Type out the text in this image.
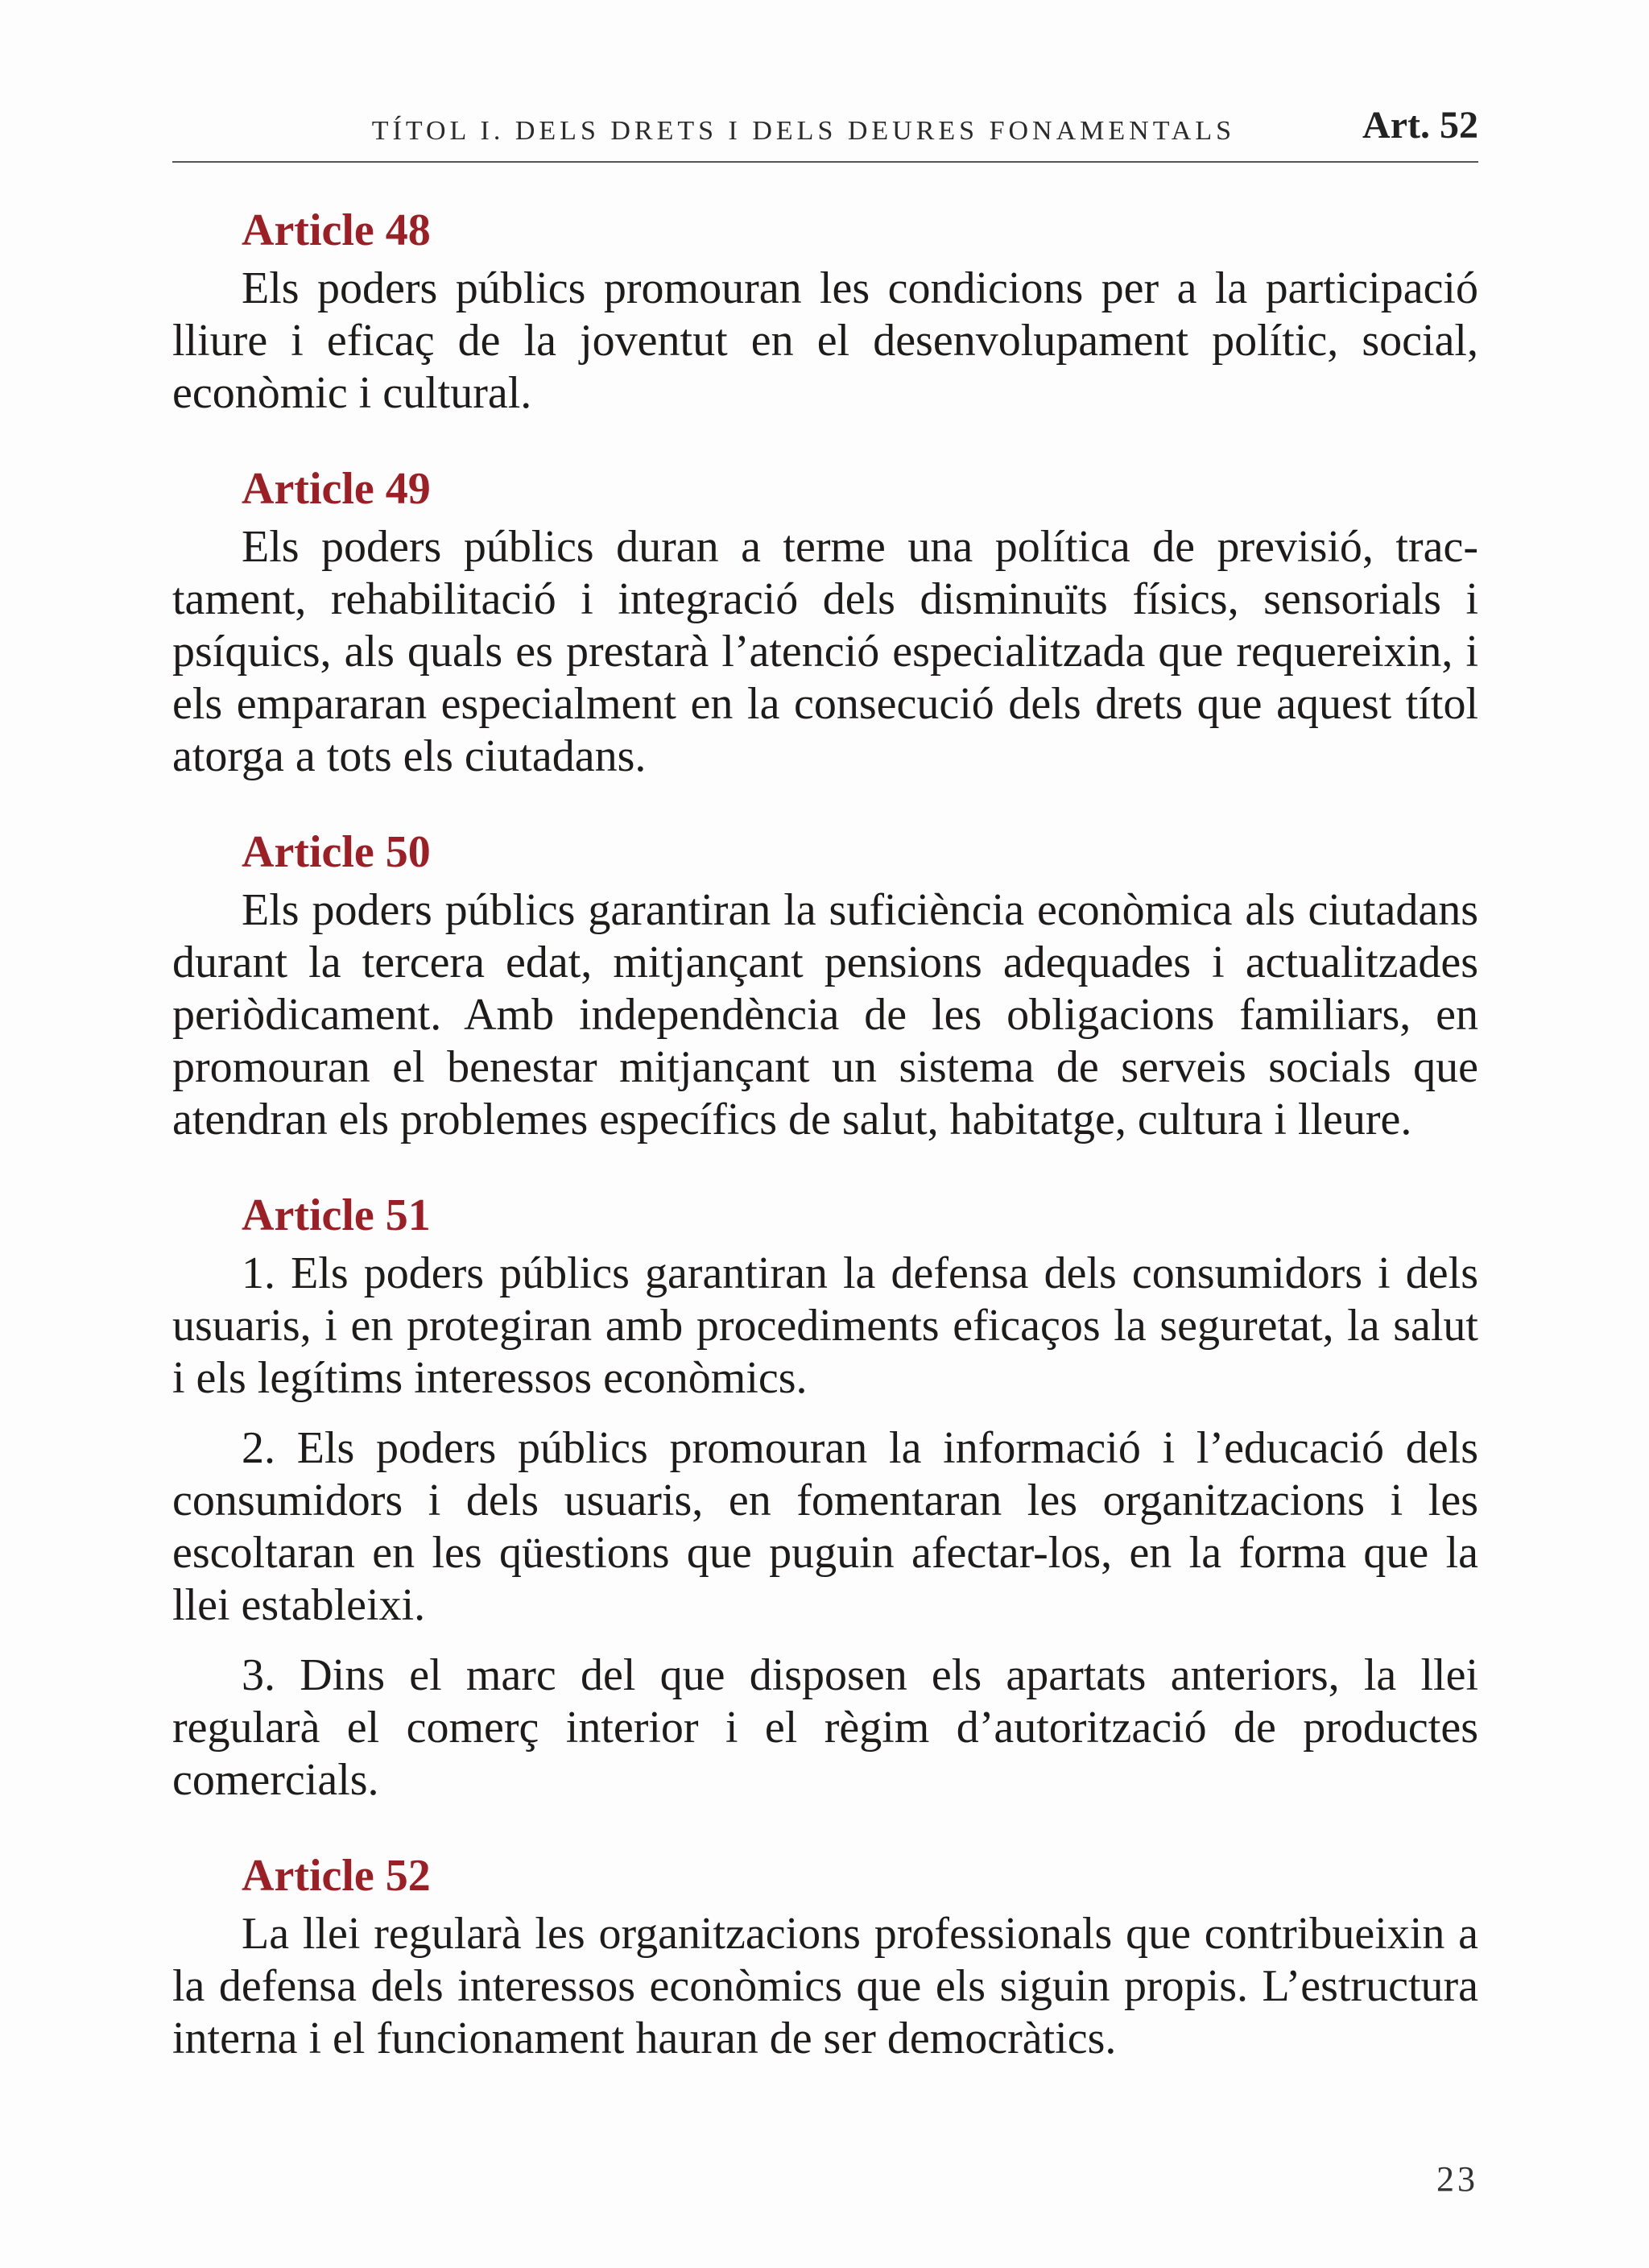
TÍTOL I. DELS DRETS I DELS DEURES FONAMENTALS	Art. 52
Article 48

Els poders públics promouran les condicions per a la participació lliure i eficaç de la joventut en el desenvolupament polític, social, econòmic i cultural.

Article 49

Els poders públics duran a terme una política de previsió, tractament, rehabilitació i integració dels disminuïts físics, sensorials i psíquics, als quals es prestarà l’atenció especialitzada que requereixin, i els empararan especialment en la consecució dels drets que aquest títol atorga a tots els ciutadans.

Article 50

Els poders públics garantiran la suficiència econòmica als ciutadans durant la tercera edat, mitjançant pensions adequades i actualitzades periòdicament. Amb independència de les obligacions familiars, en promouran el benestar mitjançant un sistema de serveis socials que atendran els problemes específics de salut, habitatge, cultura i lleure.

Article 51

1. Els poders públics garantiran la defensa dels consumidors i dels usuaris, i en protegiran amb procediments eficaços la seguretat, la salut i els legítims interessos econòmics.

2. Els poders públics promouran la informació i l’educació dels consumidors i dels usuaris, en fomentaran les organitzacions i les escoltaran en les qüestions que puguin afectar-los, en la forma que la llei estableixi.

3. Dins el marc del que disposen els apartats anteriors, la llei regularà el comerç interior i el règim d’autorització de productes comercials.

Article 52

La llei regularà les organitzacions professionals que contribueixin a la defensa dels interessos econòmics que els siguin propis. L’estructura interna i el funcionament hauran de ser democràtics.

23
